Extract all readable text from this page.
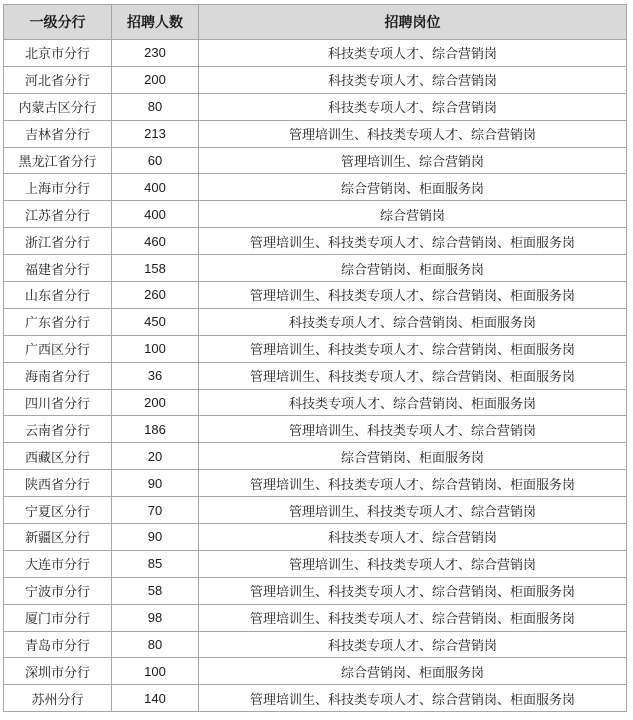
一级分行	招聘人数	招聘岗位
北京市分行	230	科技类专项人才、综合营销岗
河北省分行	200	科技类专项人才、综合营销岗
内蒙古区分行	80	科技类专项人才、综合营销岗
吉林省分行	213	管理培训生、科技类专项人才、综合营销岗
黑龙江省分行	60	管理培训生、综合营销岗
上海市分行	400	综合营销岗、柜面服务岗
江苏省分行	400	综合营销岗
浙江省分行	460	管理培训生、科技类专项人才、综合营销岗、柜面服务岗
福建省分行	158	综合营销岗、柜面服务岗
山东省分行	260	管理培训生、科技类专项人才、综合营销岗、柜面服务岗
广东省分行	450	科技类专项人才、综合营销岗、柜面服务岗
广西区分行	100	管理培训生、科技类专项人才、综合营销岗、柜面服务岗
海南省分行	36	管理培训生、科技类专项人才、综合营销岗、柜面服务岗
四川省分行	200	科技类专项人才、综合营销岗、柜面服务岗
云南省分行	186	管理培训生、科技类专项人才、综合营销岗
西藏区分行	20	综合营销岗、柜面服务岗
陕西省分行	90	管理培训生、科技类专项人才、综合营销岗、柜面服务岗
宁夏区分行	70	管理培训生、科技类专项人才、综合营销岗
新疆区分行	90	科技类专项人才、综合营销岗
大连市分行	85	管理培训生、科技类专项人才、综合营销岗
宁波市分行	58	管理培训生、科技类专项人才、综合营销岗、柜面服务岗
厦门市分行	98	管理培训生、科技类专项人才、综合营销岗、柜面服务岗
青岛市分行	80	科技类专项人才、综合营销岗
深圳市分行	100	综合营销岗、柜面服务岗
苏州分行	140	管理培训生、科技类专项人才、综合营销岗、柜面服务岗
